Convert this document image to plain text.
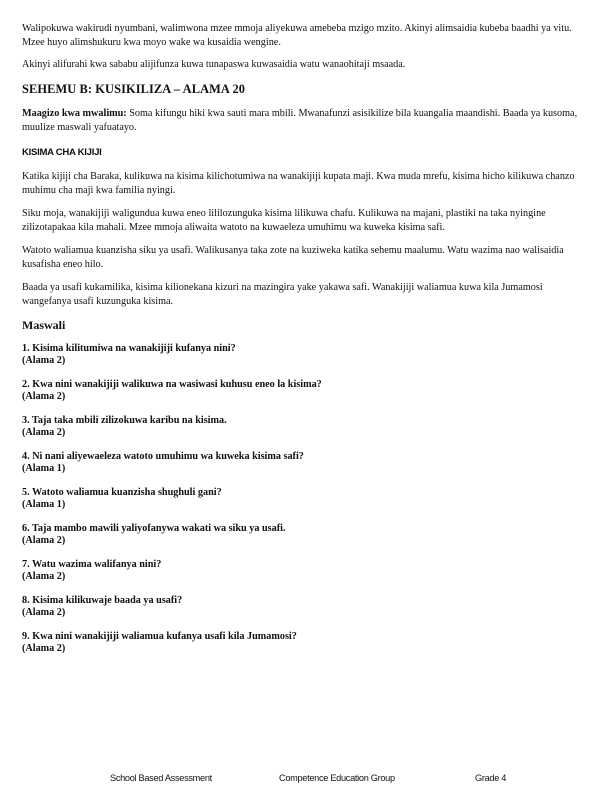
Walipokuwa wakirudi nyumbani, walimwona mzee mmoja aliyekuwa amebeba mzigo mzito. Akinyi alimsaidia kubeba baadhi ya vitu. Mzee huyo alimshukuru kwa moyo wake wa kusaidia wengine.

Akinyi alifurahi kwa sababu alijifunza kuwa tunapaswa kuwasaidia watu wanaohitaji msaada.

SEHEMU B: KUSIKILIZA – ALAMA 20

Maagizo kwa mwalimu: Soma kifungu hiki kwa sauti mara mbili. Mwanafunzi asisikilize bila kuangalia maandishi. Baada ya kusoma, muulize maswali yafuatayo.

KISIMA CHA KIJIJI

Katika kijiji cha Baraka, kulikuwa na kisima kilichotumiwa na wanakijiji kupata maji. Kwa muda mrefu, kisima hicho kilikuwa chanzo muhimu cha maji kwa familia nyingi.

Siku moja, wanakijiji waligundua kuwa eneo lililozunguka kisima lilikuwa chafu. Kulikuwa na majani, plastiki na taka nyingine zilizotapakaa kila mahali. Mzee mmoja aliwaita watoto na kuwaeleza umuhimu wa kuweka kisima safi.

Watoto waliamua kuanzisha siku ya usafi. Walikusanya taka zote na kuziweka katika sehemu maalumu. Watu wazima nao walisaidia kusafisha eneo hilo.

Baada ya usafi kukamilika, kisima kilionekana kizuri na mazingira yake yakawa safi. Wanakijiji waliamua kuwa kila Jumamosi wangefanya usafi kuzunguka kisima.

Maswali
1. Kisima kilitumiwa na wanakijiji kufanya nini?
(Alama 2)
2. Kwa nini wanakijiji walikuwa na wasiwasi kuhusu eneo la kisima?
(Alama 2)
3. Taja taka mbili zilizokuwa karibu na kisima.
(Alama 2)
4. Ni nani aliyewaeleza watoto umuhimu wa kuweka kisima safi?
(Alama 1)
5. Watoto waliamua kuanzisha shughuli gani?
(Alama 1)
6. Taja mambo mawili yaliyofanywa wakati wa siku ya usafi.
(Alama 2)
7. Watu wazima walifanya nini?
(Alama 2)
8. Kisima kilikuwaje baada ya usafi?
(Alama 2)
9. Kwa nini wanakijiji waliamua kufanya usafi kila Jumamosi?
(Alama 2)
School Based Assessment	Competence Education Group	Grade 4
